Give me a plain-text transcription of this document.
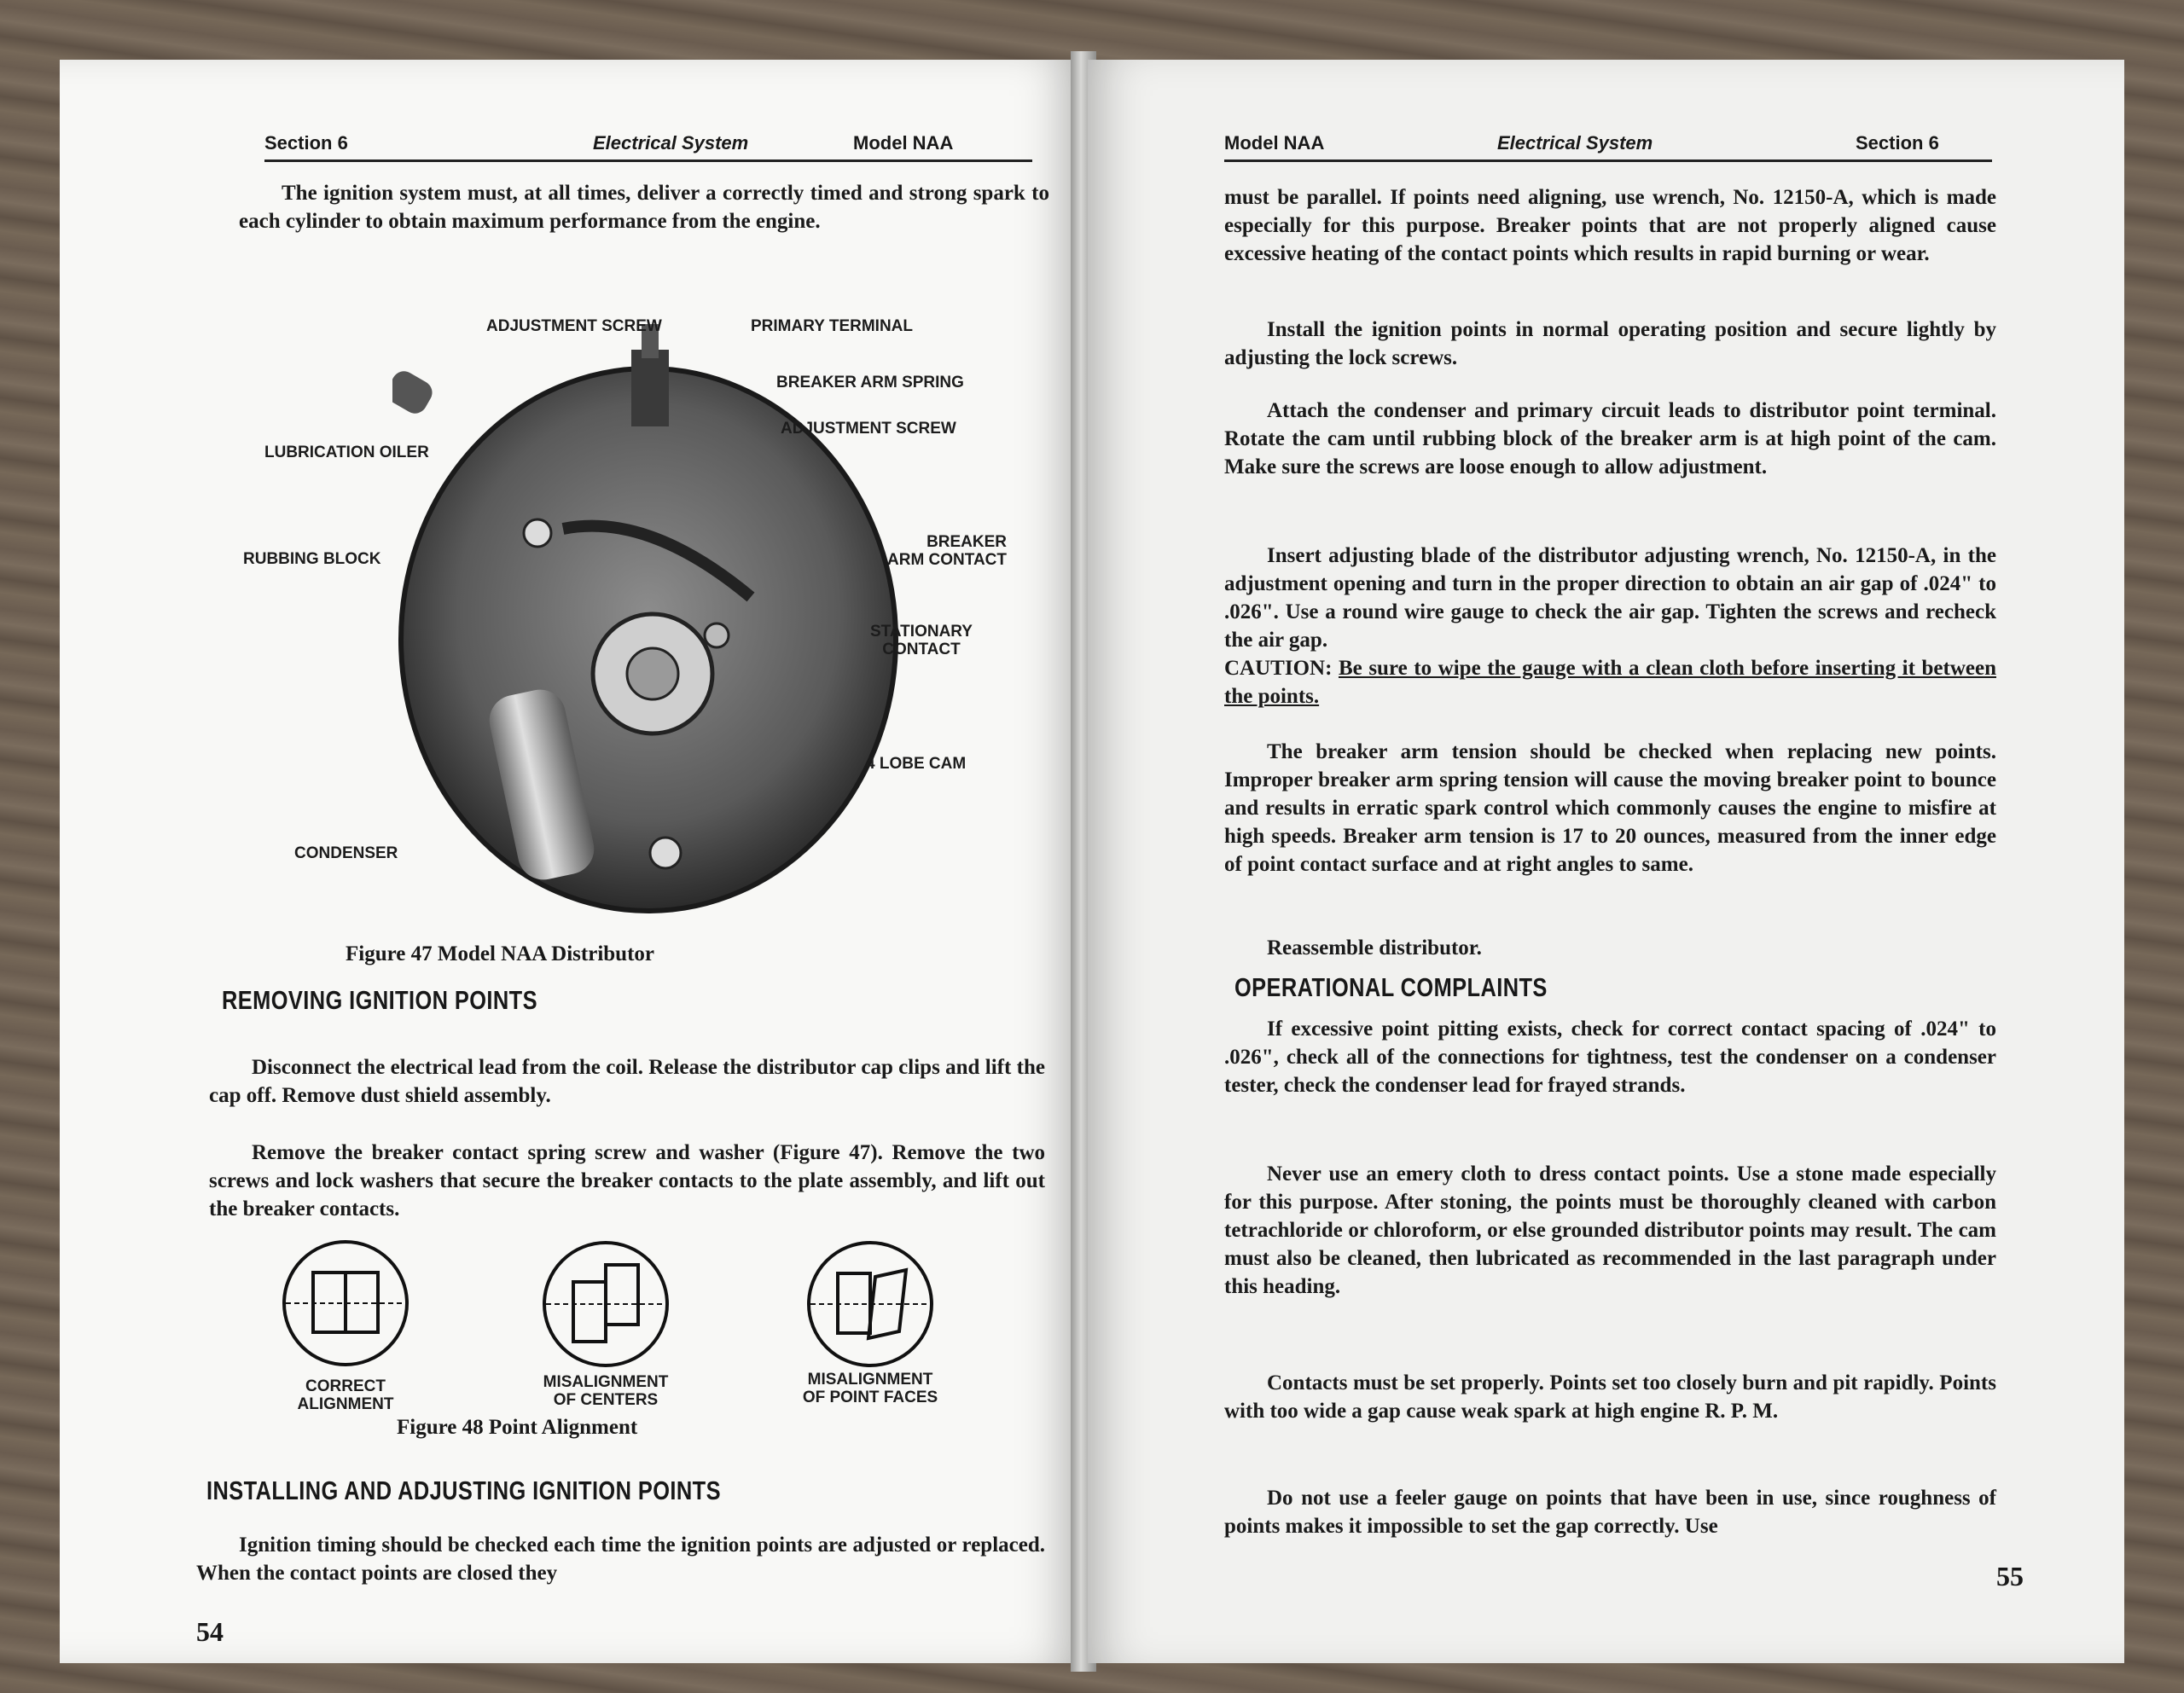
Section 6	Electrical System	Model NAA
The ignition system must, at all times, deliver a correctly timed and strong spark to each cylinder to obtain maximum performance from the engine.
ADJUSTMENT SCREW	PRIMARY TERMINAL
BREAKER ARM SPRING
ADJUSTMENT SCREW
LUBRICATION OILER
RUBBING BLOCK
BREAKER
ARM CONTACT
STATIONARY
CONTACT
4 LOBE CAM
CONDENSER
Figure 47 Model NAA Distributor
REMOVING IGNITION POINTS
Disconnect the electrical lead from the coil. Release the distributor cap clips and lift the cap off. Remove dust shield assembly.
Remove the breaker contact spring screw and washer (Figure 47). Remove the two screws and lock washers that secure the breaker contacts to the plate assembly, and lift out the breaker contacts.
CORRECT
ALIGNMENT
MISALIGNMENT
OF CENTERS
MISALIGNMENT
OF POINT FACES
Figure 48 Point Alignment
INSTALLING AND ADJUSTING IGNITION POINTS
Ignition timing should be checked each time the ignition points are adjusted or replaced. When the contact points are closed they
54
Model NAA	Electrical System	Section 6
must be parallel. If points need aligning, use wrench, No. 12150-A, which is made especially for this purpose. Breaker points that are not properly aligned cause excessive heating of the contact points which results in rapid burning or wear.
Install the ignition points in normal operating position and secure lightly by adjusting the lock screws.
Attach the condenser and primary circuit leads to distributor point terminal. Rotate the cam until rubbing block of the breaker arm is at high point of the cam. Make sure the screws are loose enough to allow adjustment.
Insert adjusting blade of the distributor adjusting wrench, No. 12150-A, in the adjustment opening and turn in the proper direction to obtain an air gap of .024" to .026". Use a round wire gauge to check the air gap. Tighten the screws and recheck the air gap.
CAUTION: Be sure to wipe the gauge with a clean cloth before inserting it between the points.
The breaker arm tension should be checked when replacing new points. Improper breaker arm spring tension will cause the moving breaker point to bounce and results in erratic spark control which commonly causes the engine to misfire at high speeds. Breaker arm tension is 17 to 20 ounces, measured from the inner edge of point contact surface and at right angles to same.
Reassemble distributor.
OPERATIONAL COMPLAINTS
If excessive point pitting exists, check for correct contact spacing of .024" to .026", check all of the connections for tightness, test the condenser on a condenser tester, check the condenser lead for frayed strands.
Never use an emery cloth to dress contact points. Use a stone made especially for this purpose. After stoning, the points must be thoroughly cleaned with carbon tetrachloride or chloroform, or else grounded distributor points may result. The cam must also be cleaned, then lubricated as recommended in the last paragraph under this heading.
Contacts must be set properly. Points set too closely burn and pit rapidly. Points with too wide a gap cause weak spark at high engine R. P. M.
Do not use a feeler gauge on points that have been in use, since roughness of points makes it impossible to set the gap correctly. Use
55
